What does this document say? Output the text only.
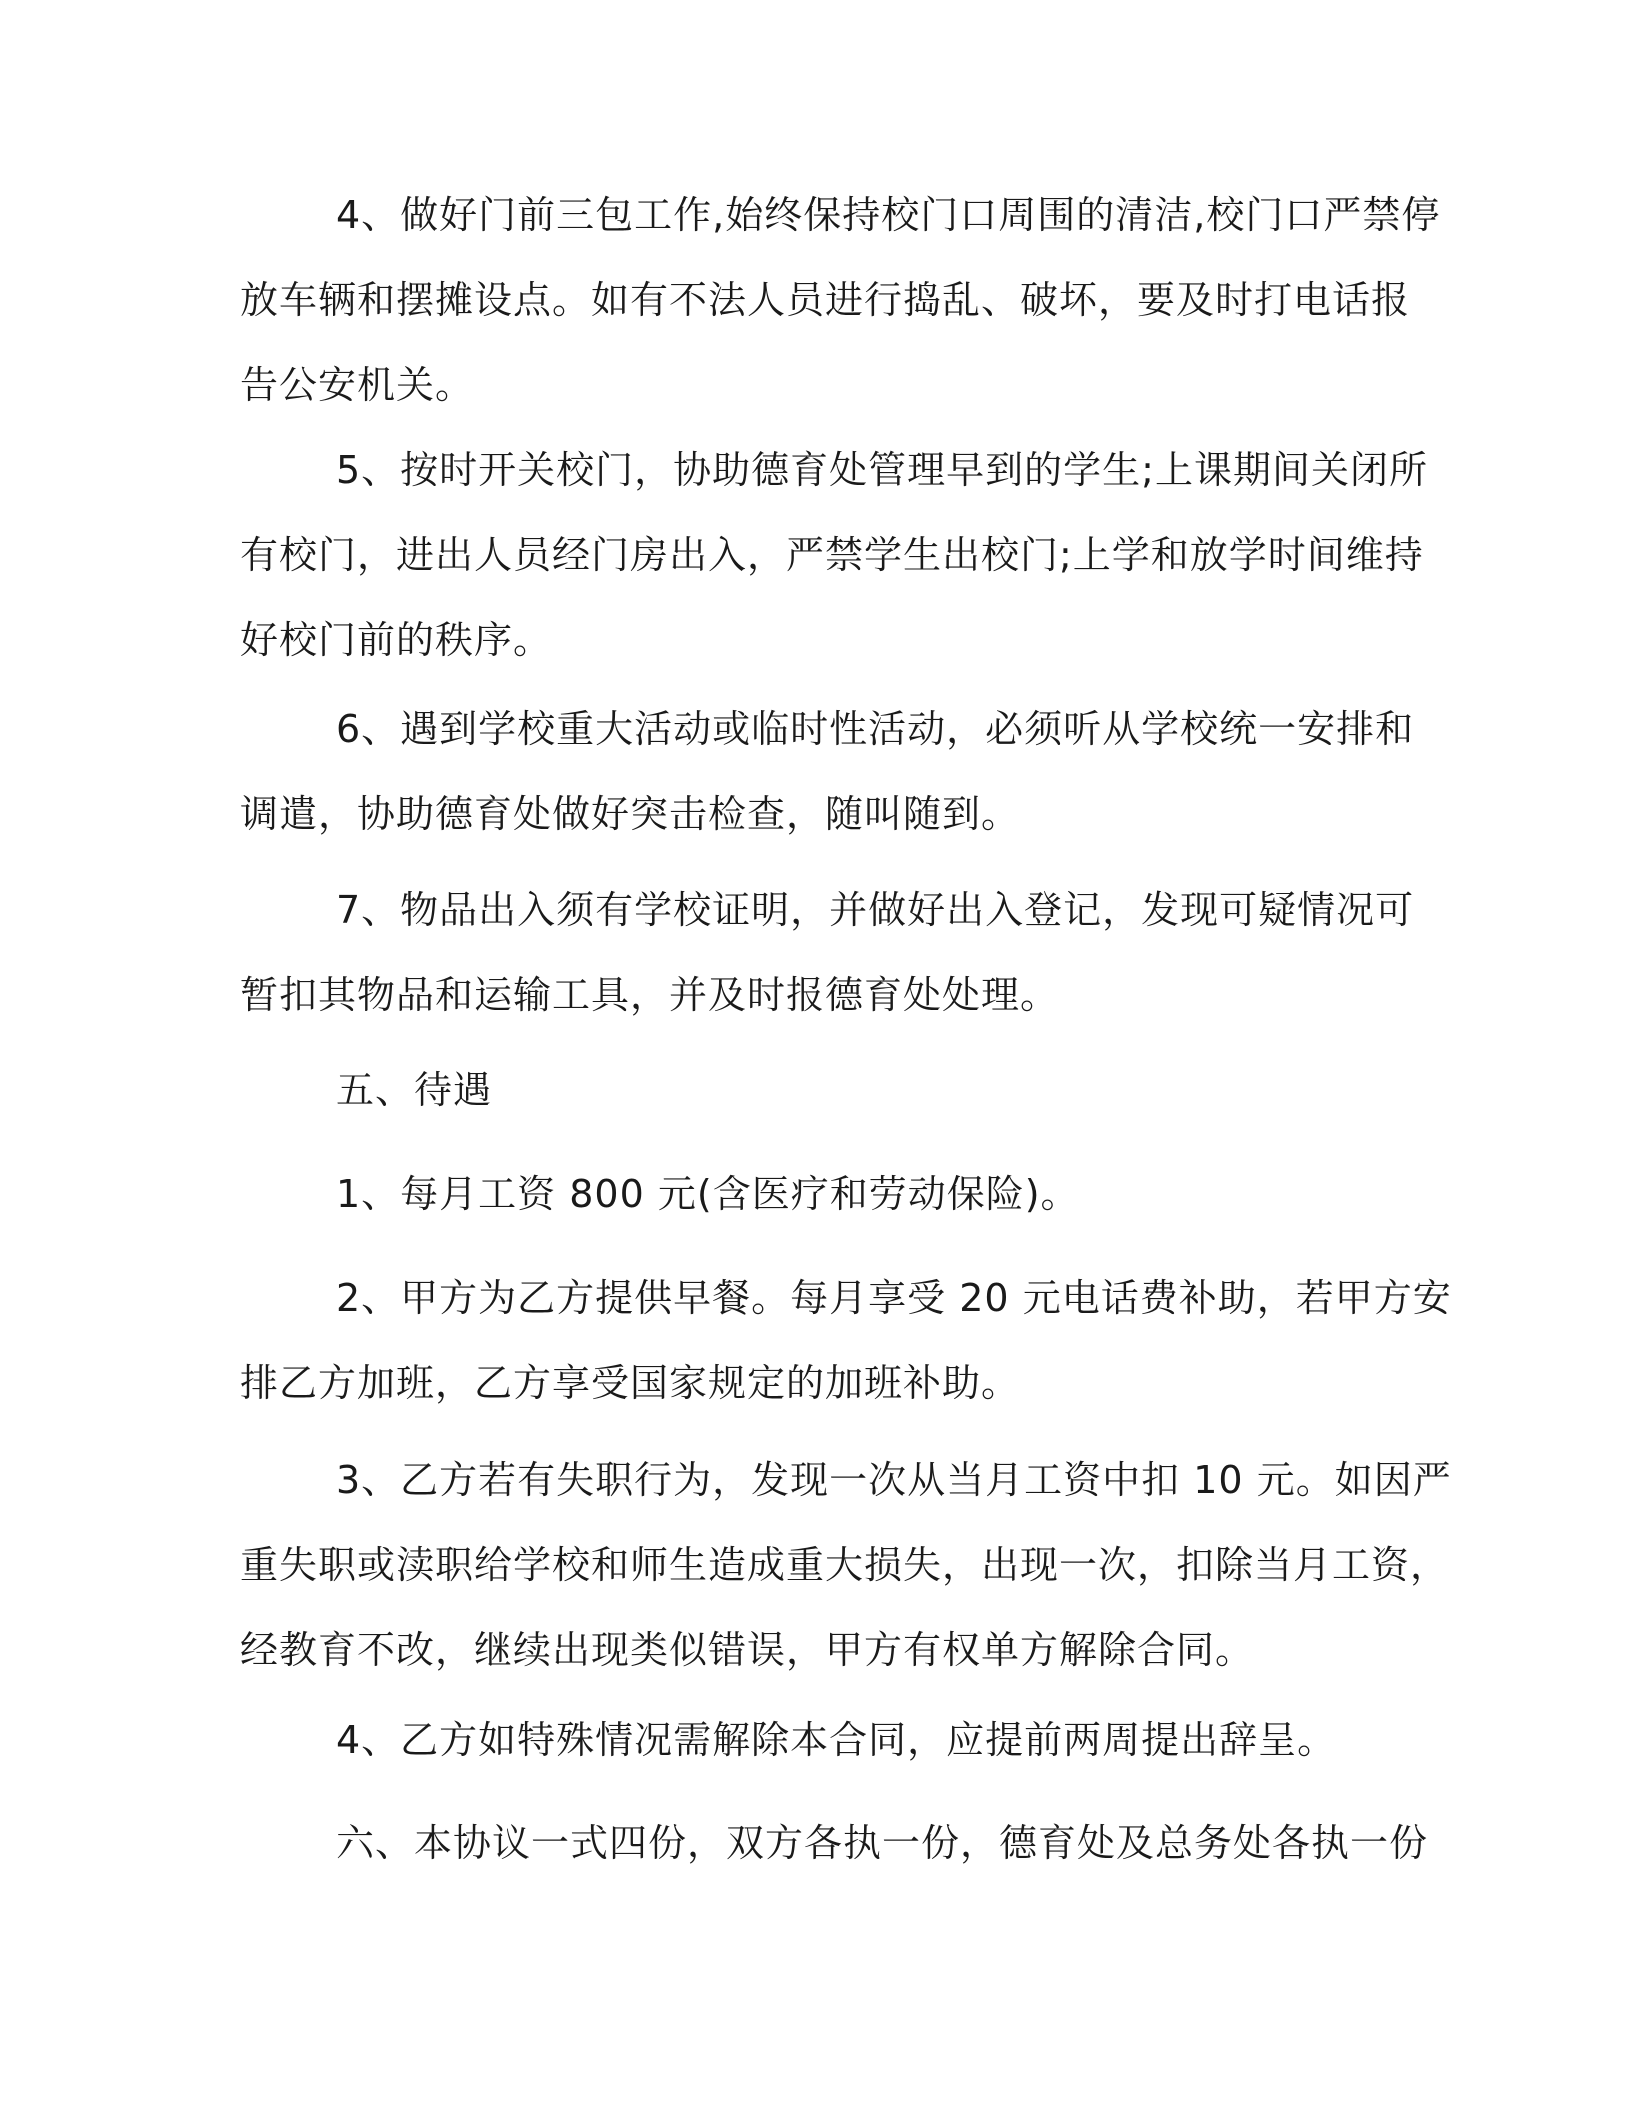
4、做好门前三包工作,始终保持校门口周围的清洁,校门口严禁停
放车辆和摆摊设点。如有不法人员进行捣乱、破坏，要及时打电话报
告公安机关。
5、按时开关校门，协助德育处管理早到的学生;上课期间关闭所
有校门，进出人员经门房出入，严禁学生出校门;上学和放学时间维持
好校门前的秩序。
6、遇到学校重大活动或临时性活动，必须听从学校统一安排和
调遣，协助德育处做好突击检查，随叫随到。
7、物品出入须有学校证明，并做好出入登记，发现可疑情况可
暂扣其物品和运输工具，并及时报德育处处理。
五、待遇
1、每月工资 800 元(含医疗和劳动保险)。
2、甲方为乙方提供早餐。每月享受 20 元电话费补助，若甲方安
排乙方加班，乙方享受国家规定的加班补助。
3、乙方若有失职行为，发现一次从当月工资中扣 10 元。如因严
重失职或渎职给学校和师生造成重大损失，出现一次，扣除当月工资，
经教育不改，继续出现类似错误，甲方有权单方解除合同。
4、乙方如特殊情况需解除本合同，应提前两周提出辞呈。
六、本协议一式四份，双方各执一份，德育处及总务处各执一份
